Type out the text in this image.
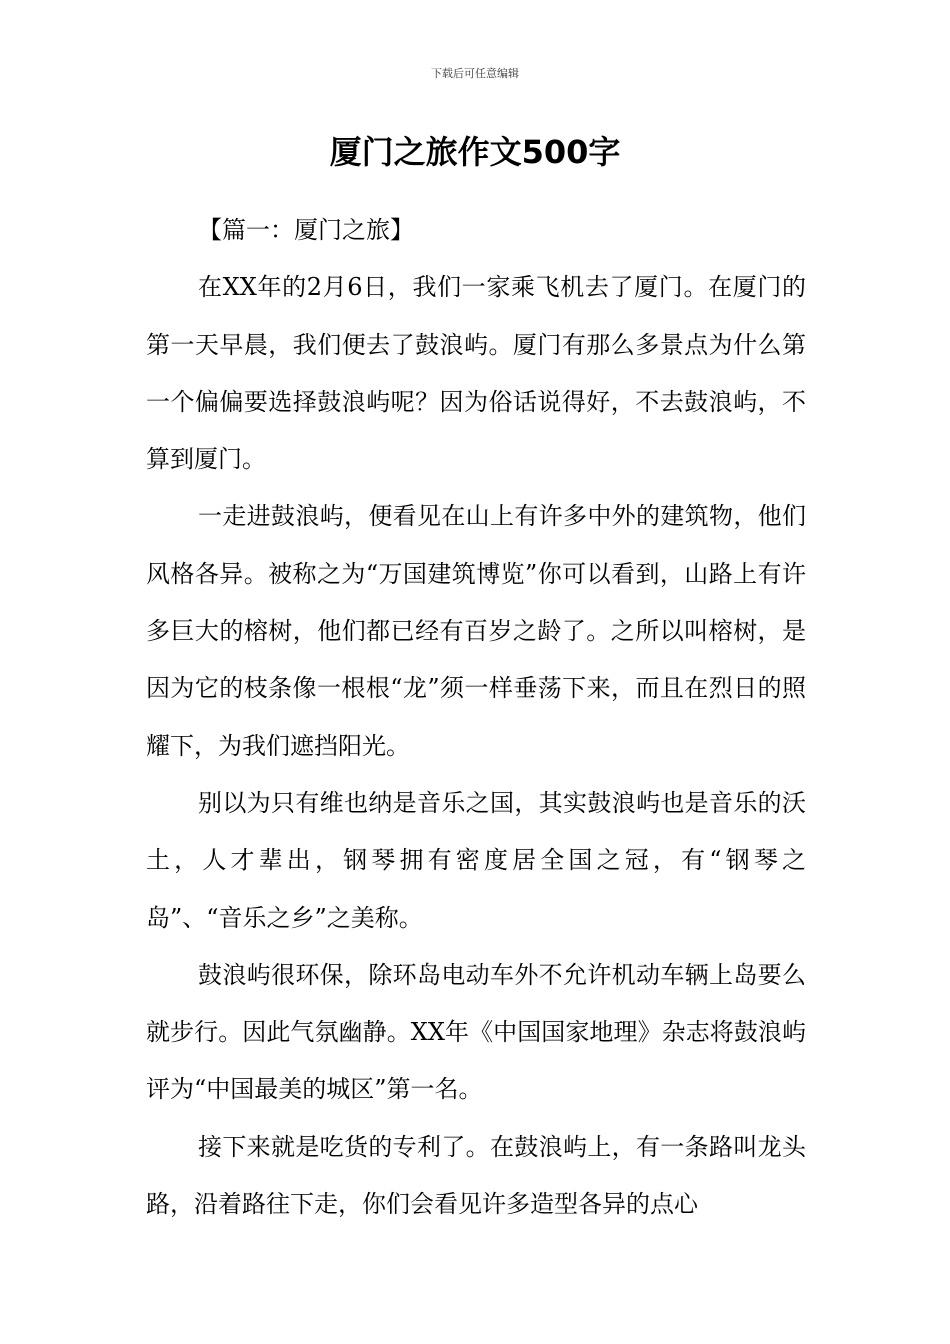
下载后可任意编辑
厦门之旅作文500字

【篇一：厦门之旅】

在XX年的2月6日，我们一家乘飞机去了厦门。在厦门的第一天早晨，我们便去了鼓浪屿。厦门有那么多景点为什么第一个偏偏要选择鼓浪屿呢？因为俗话说得好，不去鼓浪屿，不算到厦门。

一走进鼓浪屿，便看见在山上有许多中外的建筑物，他们风格各异。被称之为“万国建筑博览”你可以看到，山路上有许多巨大的榕树，他们都已经有百岁之龄了。之所以叫榕树，是因为它的枝条像一根根“龙”须一样垂荡下来，而且在烈日的照耀下，为我们遮挡阳光。

别以为只有维也纳是音乐之国，其实鼓浪屿也是音乐的沃土，人才辈出，钢琴拥有密度居全国之冠，有“钢琴之岛”、“音乐之乡”之美称。

鼓浪屿很环保，除环岛电动车外不允许机动车辆上岛要么就步行。因此气氛幽静。XX年《中国国家地理》杂志将鼓浪屿评为“中国最美的城区”第一名。

接下来就是吃货的专利了。在鼓浪屿上，有一条路叫龙头路，沿着路往下走，你们会看见许多造型各异的点心
